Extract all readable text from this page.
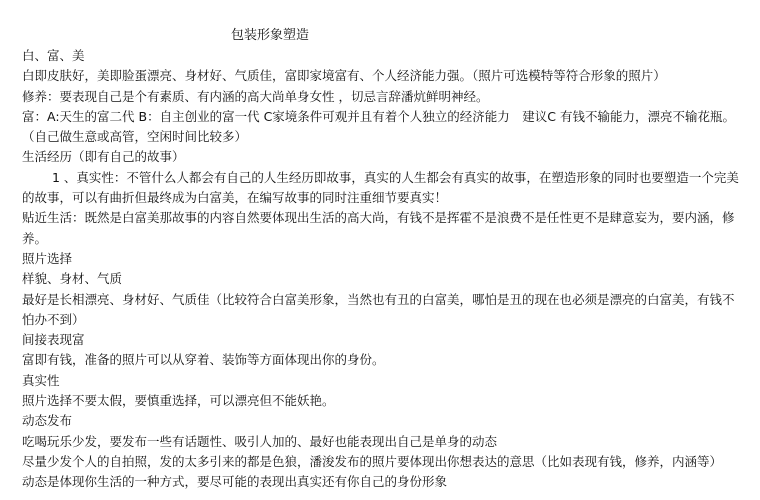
包装形象塑造

白、富、美

白即皮肤好，美即脸蛋漂亮、身材好、气质佳，富即家境富有、个人经济能力强。（照片可选模特等符合形象的照片）

修养：要表现自己是个有素质、有内涵的高大尚单身女性 ，切忌言辞潘炕鲜明神经。

富：A:天生的富二代 B：自主创业的富一代 C家境条件可观并且有着个人独立的经济能力　建议C 有钱不输能力，漂亮不输花瓶。（自己做生意或高管，空闲时间比较多）

生活经历（即有自己的故事）

1 、真实性：不管什么人都会有自己的人生经历即故事，真实的人生都会有真实的故事，在塑造形象的同时也要塑造一个完美的故事，可以有曲折但最终成为白富美，在编写故事的同时注重细节要真实！

贴近生活：既然是白富美那故事的内容自然要体现出生活的高大尚，有钱不是挥霍不是浪费不是任性更不是肆意妄为，要内涵，修养。

照片选择

样貌、身材、气质

最好是长相漂亮、身材好、气质佳（比较符合白富美形象，当然也有丑的白富美，哪怕是丑的现在也必须是漂亮的白富美，有钱不怕办不到）

间接表现富

富即有钱，准备的照片可以从穿着、装饰等方面体现出你的身份。

真实性

照片选择不要太假，要慎重选择，可以漂亮但不能妖艳。

动态发布

吃喝玩乐少发，要发布一些有话题性、吸引人加的、最好也能表现出自己是单身的动态

尽量少发个人的自拍照，发的太多引来的都是色狼，潘浚发布的照片要体现出你想表达的意思（比如表现有钱，修养，内涵等）

动态是体现你生活的一种方式，要尽可能的表现出真实还有你自己的身份形象
